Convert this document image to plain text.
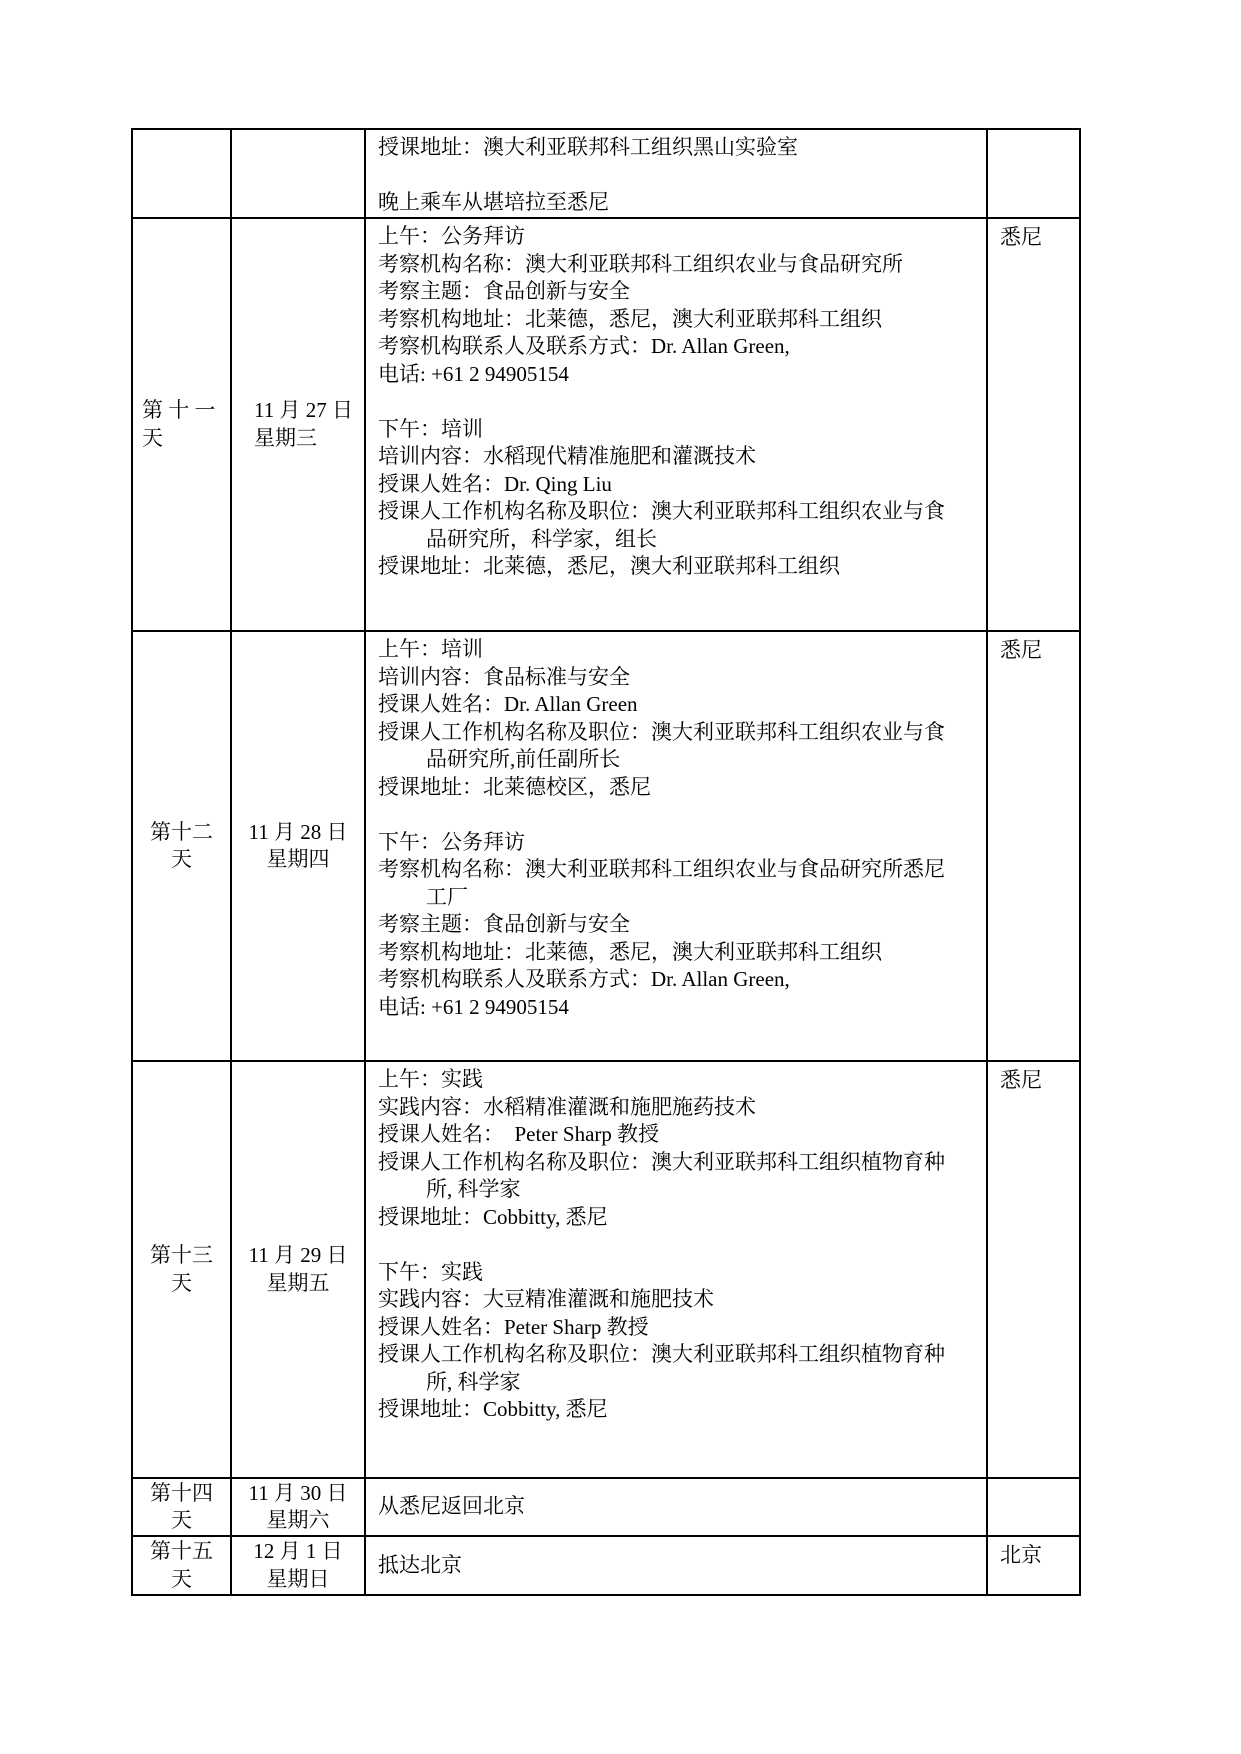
授课地址：澳大利亚联邦科工组织黑山实验室

晚上乘车从堪培拉至悉尼
第 十 一
天
11 月 27 日
星期三
上午：公务拜访
考察机构名称：澳大利亚联邦科工组织农业与食品研究所
考察主题：食品创新与安全
考察机构地址：北莱德，悉尼，澳大利亚联邦科工组织
考察机构联系人及联系方式：Dr. Allan Green,
电话: +61 2 94905154

下午：培训
培训内容：水稻现代精准施肥和灌溉技术
授课人姓名：Dr. Qing Liu
授课人工作机构名称及职位：澳大利亚联邦科工组织农业与食
品研究所，科学家，组长
授课地址：北莱德，悉尼，澳大利亚联邦科工组织
悉尼
第十二
天
11 月 28 日
星期四
上午：培训
培训内容：食品标准与安全
授课人姓名：Dr. Allan Green
授课人工作机构名称及职位：澳大利亚联邦科工组织农业与食
品研究所,前任副所长
授课地址：北莱德校区，悉尼

下午：公务拜访
考察机构名称：澳大利亚联邦科工组织农业与食品研究所悉尼
工厂
考察主题：食品创新与安全
考察机构地址：北莱德，悉尼，澳大利亚联邦科工组织
考察机构联系人及联系方式：Dr. Allan Green,
电话: +61 2 94905154
悉尼
第十三
天
11 月 29 日
星期五
上午：实践
实践内容：水稻精准灌溉和施肥施药技术
授课人姓名：　Peter Sharp 教授
授课人工作机构名称及职位：澳大利亚联邦科工组织植物育种
所, 科学家
授课地址：Cobbitty, 悉尼

下午：实践
实践内容：大豆精准灌溉和施肥技术
授课人姓名：Peter Sharp 教授
授课人工作机构名称及职位：澳大利亚联邦科工组织植物育种
所, 科学家
授课地址：Cobbitty, 悉尼
悉尼
第十四
天
11 月 30 日
星期六
从悉尼返回北京
第十五
天
12 月 1 日
星期日
抵达北京	北京
